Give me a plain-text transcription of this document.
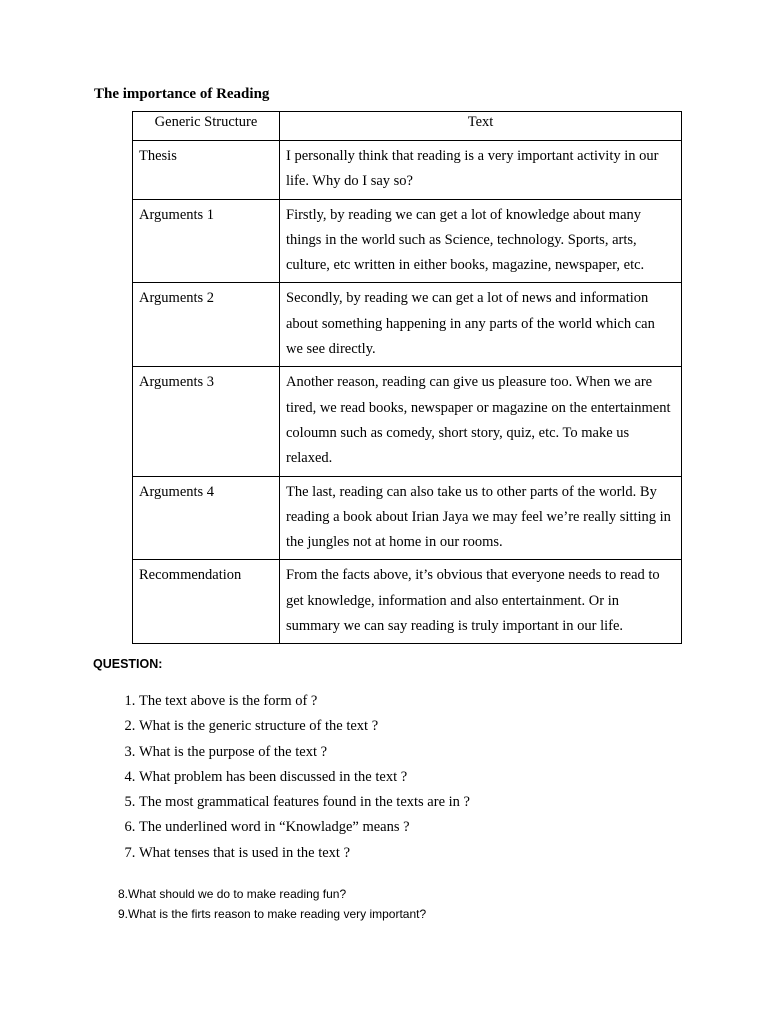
The importance of Reading
Generic Structure	Text
Thesis	I personally think that reading is a very important activity in our life. Why do I say so?
Arguments 1	Firstly, by reading we can get a lot of knowledge about many things in the world such as Science, technology. Sports, arts, culture, etc written in either books, magazine, newspaper, etc.
Arguments 2	Secondly, by reading we can get a lot of news and information about something happening in any parts of the world which can we see directly.
Arguments 3	Another reason, reading can give us pleasure too. When we are tired, we read books, newspaper or magazine on the entertainment coloumn such as comedy, short story, quiz, etc. To make us relaxed.
Arguments 4	The last, reading can also take us to other parts of the world. By reading a book about Irian Jaya we may feel we’re really sitting in the jungles not at home in our rooms.
Recommendation	From the facts above, it’s obvious that everyone needs to read to get knowledge, information and also entertainment. Or in summary we can say reading is truly important in our life.
QUESTION:
1. The text above is the form of ?
2. What is the generic structure of the text ?
3. What is the purpose of the text ?
4. What problem has been discussed in the text ?
5. The most grammatical features found in the texts are in ?
6. The underlined word in “Knowladge” means ?
7. What tenses that is used in the text ?
8.What should we do to make reading fun?
9.What is the firts reason to make reading very important?
